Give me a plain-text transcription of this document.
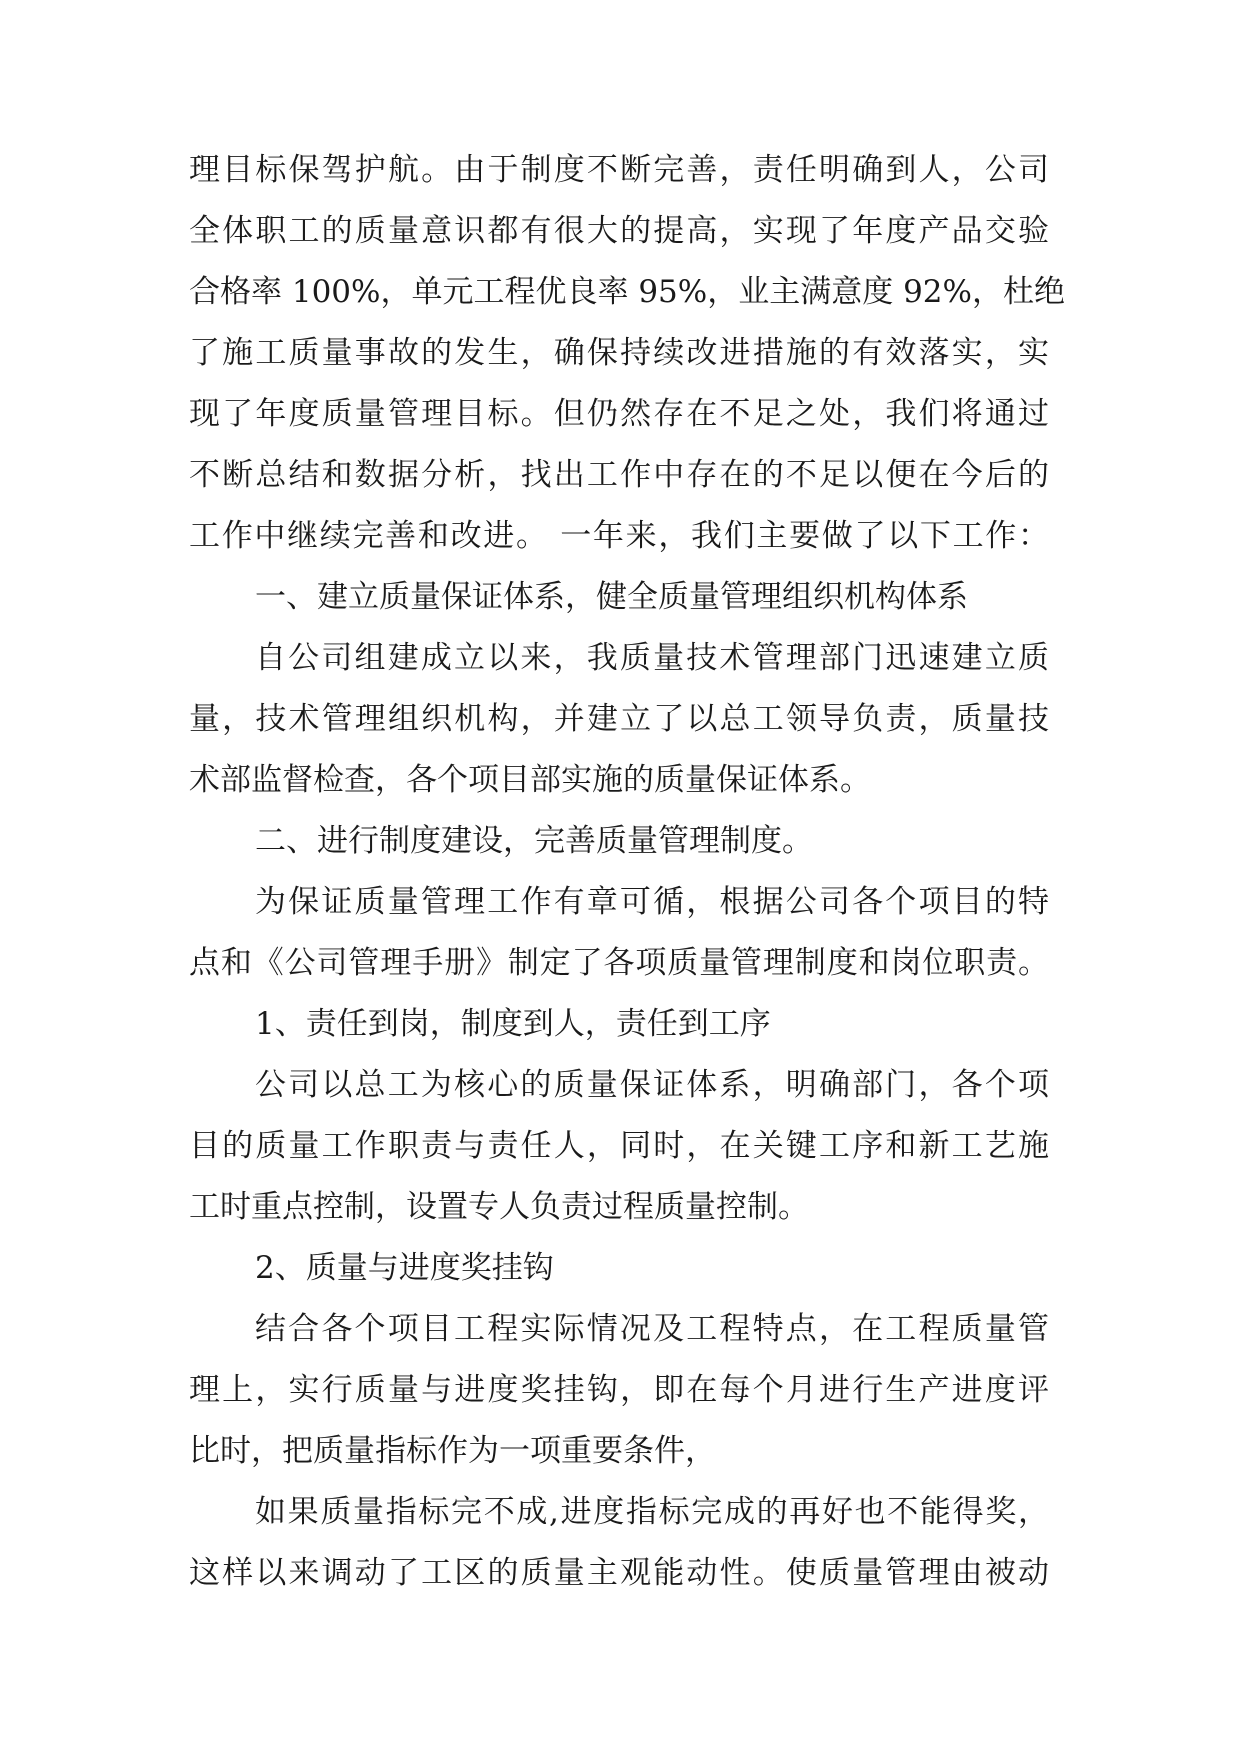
理目标保驾护航。由于制度不断完善，责任明确到人，公司
全体职工的质量意识都有很大的提高，实现了年度产品交验
合格率 100%，单元工程优良率 95%，业主满意度 92%，杜绝
了施工质量事故的发生，确保持续改进措施的有效落实，实
现了年度质量管理目标。但仍然存在不足之处，我们将通过
不断总结和数据分析，找出工作中存在的不足以便在今后的
工作中继续完善和改进。 一年来，我们主要做了以下工作：
一、建立质量保证体系，健全质量管理组织机构体系
自公司组建成立以来，我质量技术管理部门迅速建立质
量，技术管理组织机构，并建立了以总工领导负责，质量技
术部监督检查，各个项目部实施的质量保证体系。
二、进行制度建设，完善质量管理制度。
为保证质量管理工作有章可循，根据公司各个项目的特
点和《公司管理手册》制定了各项质量管理制度和岗位职责。
1、责任到岗，制度到人，责任到工序
公司以总工为核心的质量保证体系，明确部门，各个项
目的质量工作职责与责任人，同时，在关键工序和新工艺施
工时重点控制，设置专人负责过程质量控制。
2、质量与进度奖挂钩
结合各个项目工程实际情况及工程特点，在工程质量管
理上，实行质量与进度奖挂钩，即在每个月进行生产进度评
比时，把质量指标作为一项重要条件，
如果质量指标完不成,进度指标完成的再好也不能得奖，
这样以来调动了工区的质量主观能动性。使质量管理由被动
